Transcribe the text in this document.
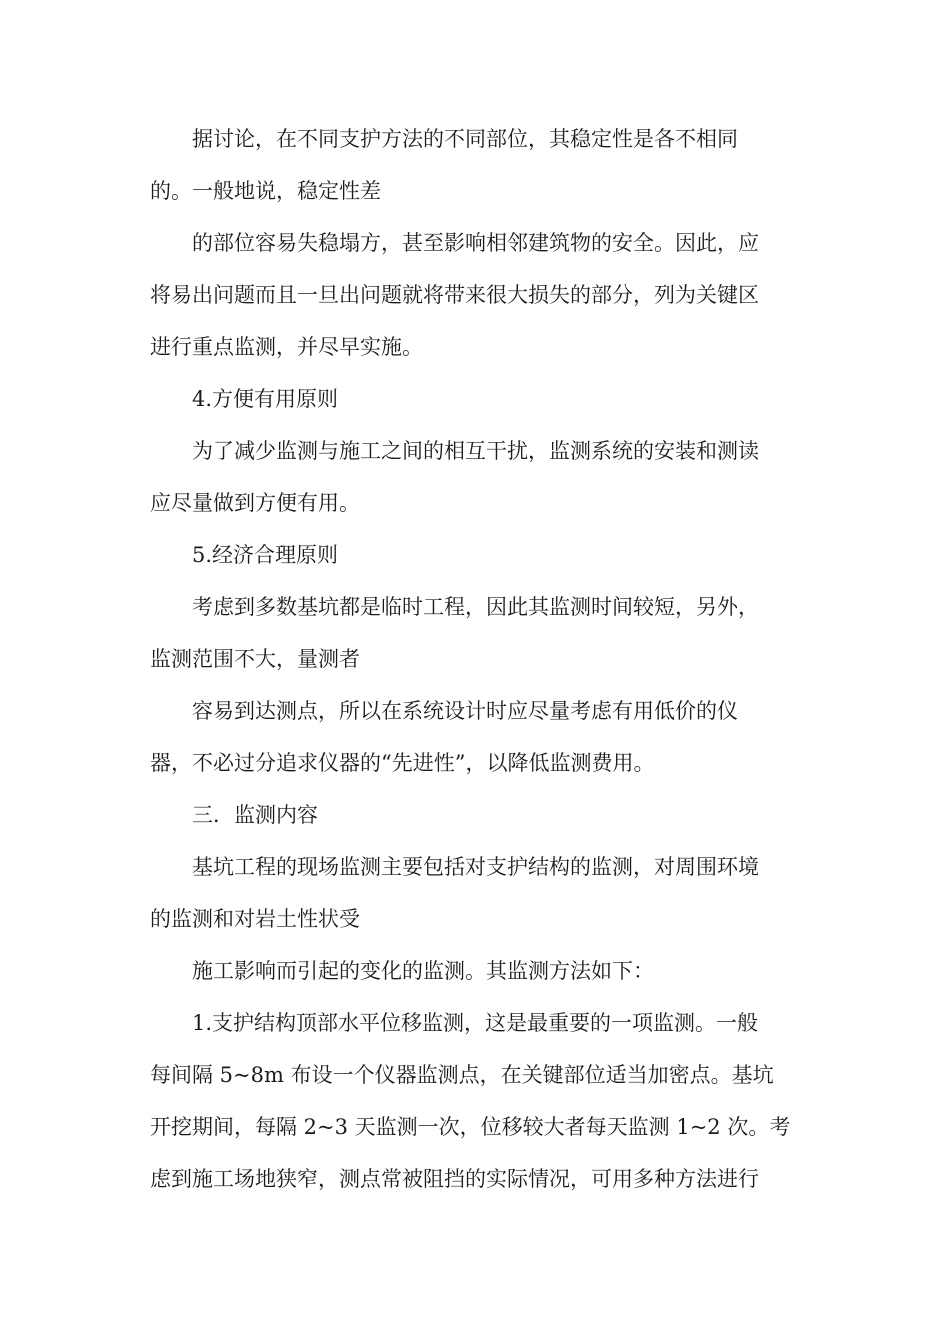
据讨论，在不同支护方法的不同部位，其稳定性是各不相同
的。一般地说，稳定性差

的部位容易失稳塌方，甚至影响相邻建筑物的安全。因此，应
将易出问题而且一旦出问题就将带来很大损失的部分，列为关键区
进行重点监测，并尽早实施。

4.方便有用原则

为了减少监测与施工之间的相互干扰，监测系统的安装和测读
应尽量做到方便有用。

5.经济合理原则

考虑到多数基坑都是临时工程，因此其监测时间较短，另外，
监测范围不大，量测者

容易到达测点，所以在系统设计时应尽量考虑有用低价的仪
器，不必过分追求仪器的“先进性”，以降低监测费用。

三．监测内容

基坑工程的现场监测主要包括对支护结构的监测，对周围环境
的监测和对岩土性状受

施工影响而引起的变化的监测。其监测方法如下：

1.支护结构顶部水平位移监测，这是最重要的一项监测。一般
每间隔 5~8m 布设一个仪器监测点，在关键部位适当加密点。基坑
开挖期间，每隔 2~3 天监测一次，位移较大者每天监测 1~2 次。考
虑到施工场地狭窄，测点常被阻挡的实际情况，可用多种方法进行
